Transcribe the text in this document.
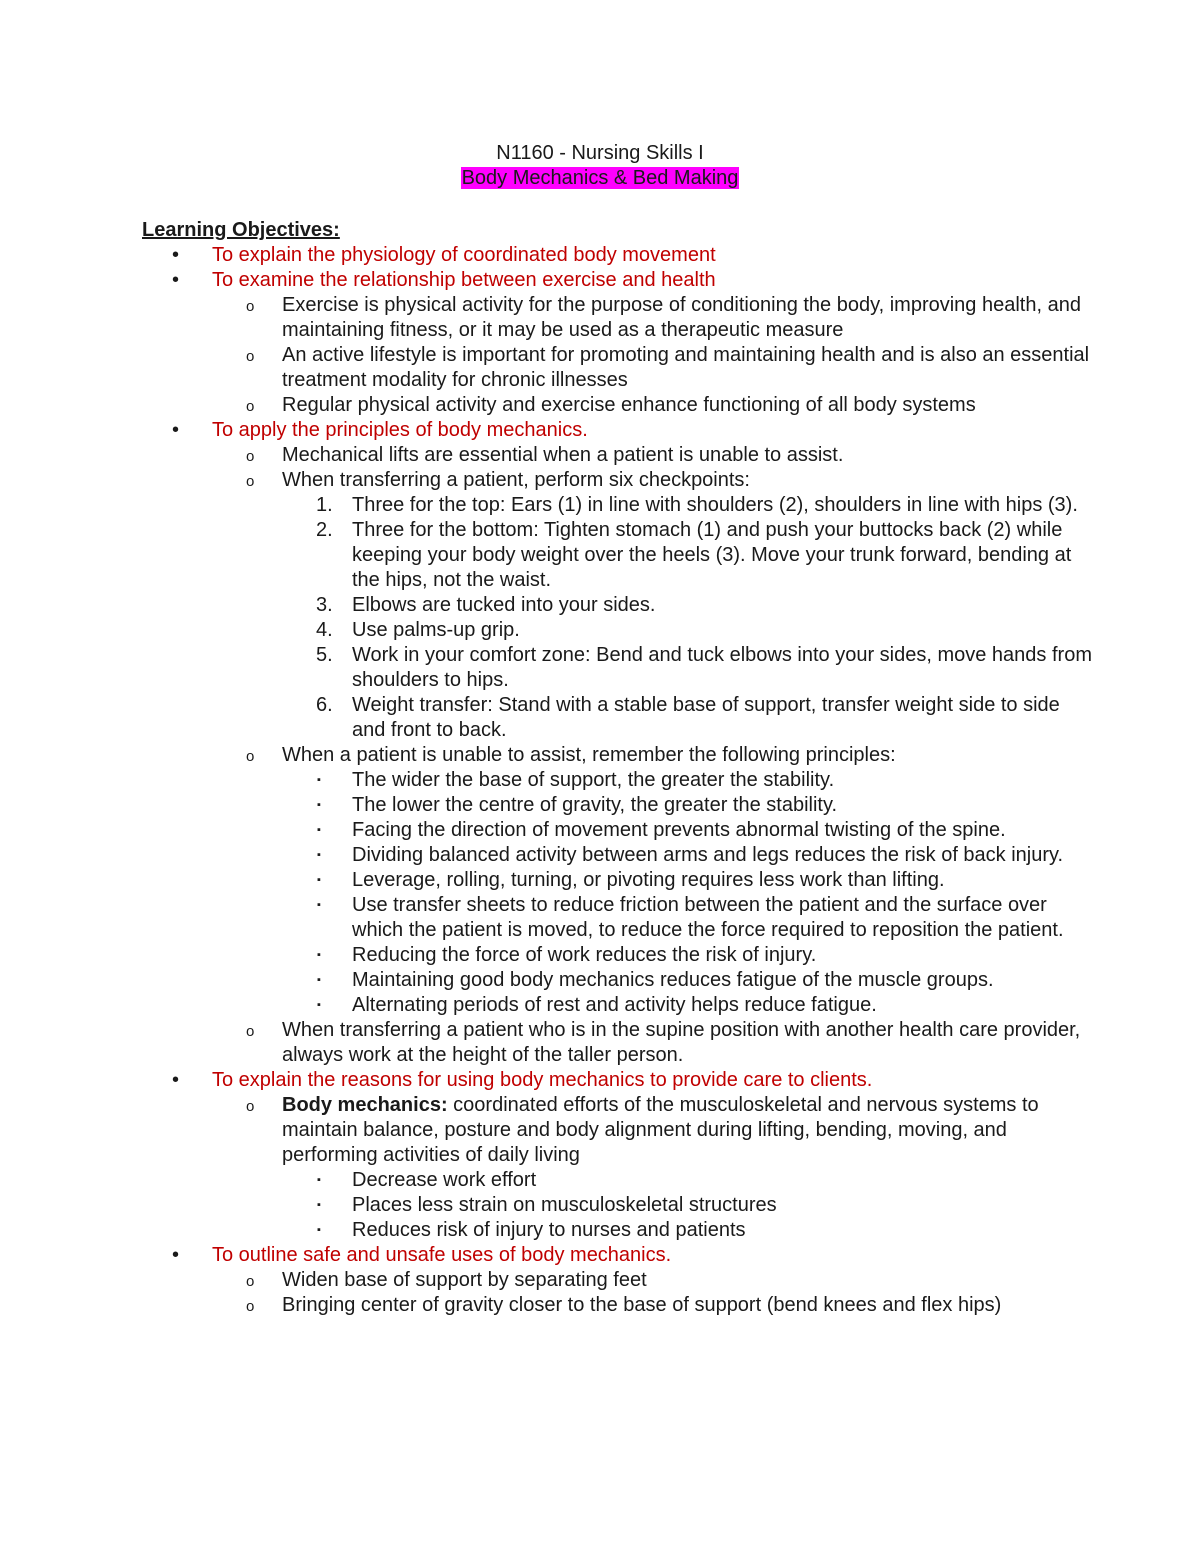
N1160 - Nursing Skills I
Body Mechanics & Bed Making
Learning Objectives:
• To explain the physiology of coordinated body movement
• To examine the relationship between exercise and health
o Exercise is physical activity for the purpose of conditioning the body, improving health, and maintaining fitness, or it may be used as a therapeutic measure
o An active lifestyle is important for promoting and maintaining health and is also an essential treatment modality for chronic illnesses
o Regular physical activity and exercise enhance functioning of all body systems
• To apply the principles of body mechanics.
o Mechanical lifts are essential when a patient is unable to assist.
o When transferring a patient, perform six checkpoints:
1. Three for the top: Ears (1) in line with shoulders (2), shoulders in line with hips (3).
2. Three for the bottom: Tighten stomach (1) and push your buttocks back (2) while keeping your body weight over the heels (3). Move your trunk forward, bending at the hips, not the waist.
3. Elbows are tucked into your sides.
4. Use palms-up grip.
5. Work in your comfort zone: Bend and tuck elbows into your sides, move hands from shoulders to hips.
6. Weight transfer: Stand with a stable base of support, transfer weight side to side and front to back.
o When a patient is unable to assist, remember the following principles:
▪ The wider the base of support, the greater the stability.
▪ The lower the centre of gravity, the greater the stability.
▪ Facing the direction of movement prevents abnormal twisting of the spine.
▪ Dividing balanced activity between arms and legs reduces the risk of back injury.
▪ Leverage, rolling, turning, or pivoting requires less work than lifting.
▪ Use transfer sheets to reduce friction between the patient and the surface over which the patient is moved, to reduce the force required to reposition the patient.
▪ Reducing the force of work reduces the risk of injury.
▪ Maintaining good body mechanics reduces fatigue of the muscle groups.
▪ Alternating periods of rest and activity helps reduce fatigue.
o When transferring a patient who is in the supine position with another health care provider, always work at the height of the taller person.
• To explain the reasons for using body mechanics to provide care to clients.
o Body mechanics: coordinated efforts of the musculoskeletal and nervous systems to maintain balance, posture and body alignment during lifting, bending, moving, and performing activities of daily living
▪ Decrease work effort
▪ Places less strain on musculoskeletal structures
▪ Reduces risk of injury to nurses and patients
• To outline safe and unsafe uses of body mechanics.
o Widen base of support by separating feet
o Bringing center of gravity closer to the base of support (bend knees and flex hips)
